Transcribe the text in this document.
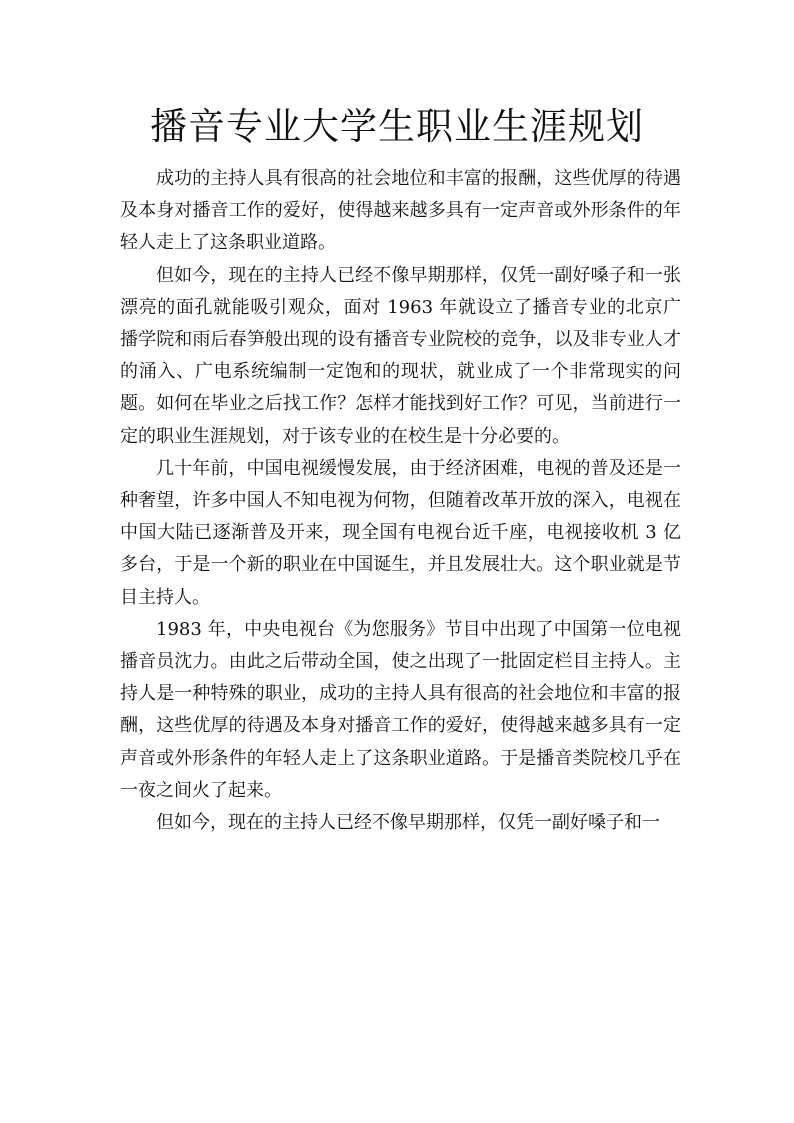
播音专业大学生职业生涯规划

成功的主持人具有很高的社会地位和丰富的报酬，这些优厚的待遇及本身对播音工作的爱好，使得越来越多具有一定声音或外形条件的年轻人走上了这条职业道路。

但如今，现在的主持人已经不像早期那样，仅凭一副好嗓子和一张漂亮的面孔就能吸引观众，面对 1963 年就设立了播音专业的北京广播学院和雨后春笋般出现的设有播音专业院校的竞争，以及非专业人才的涌入、广电系统编制一定饱和的现状，就业成了一个非常现实的问题。如何在毕业之后找工作？怎样才能找到好工作？可见，当前进行一定的职业生涯规划，对于该专业的在校生是十分必要的。

几十年前，中国电视缓慢发展，由于经济困难，电视的普及还是一种奢望，许多中国人不知电视为何物，但随着改革开放的深入，电视在中国大陆已逐渐普及开来，现全国有电视台近千座，电视接收机 3 亿多台，于是一个新的职业在中国诞生，并且发展壮大。这个职业就是节目主持人。

1983 年，中央电视台《为您服务》节目中出现了中国第一位电视播音员沈力。由此之后带动全国，使之出现了一批固定栏目主持人。主持人是一种特殊的职业，成功的主持人具有很高的社会地位和丰富的报酬，这些优厚的待遇及本身对播音工作的爱好，使得越来越多具有一定声音或外形条件的年轻人走上了这条职业道路。于是播音类院校几乎在一夜之间火了起来。

但如今，现在的主持人已经不像早期那样，仅凭一副好嗓子和一
